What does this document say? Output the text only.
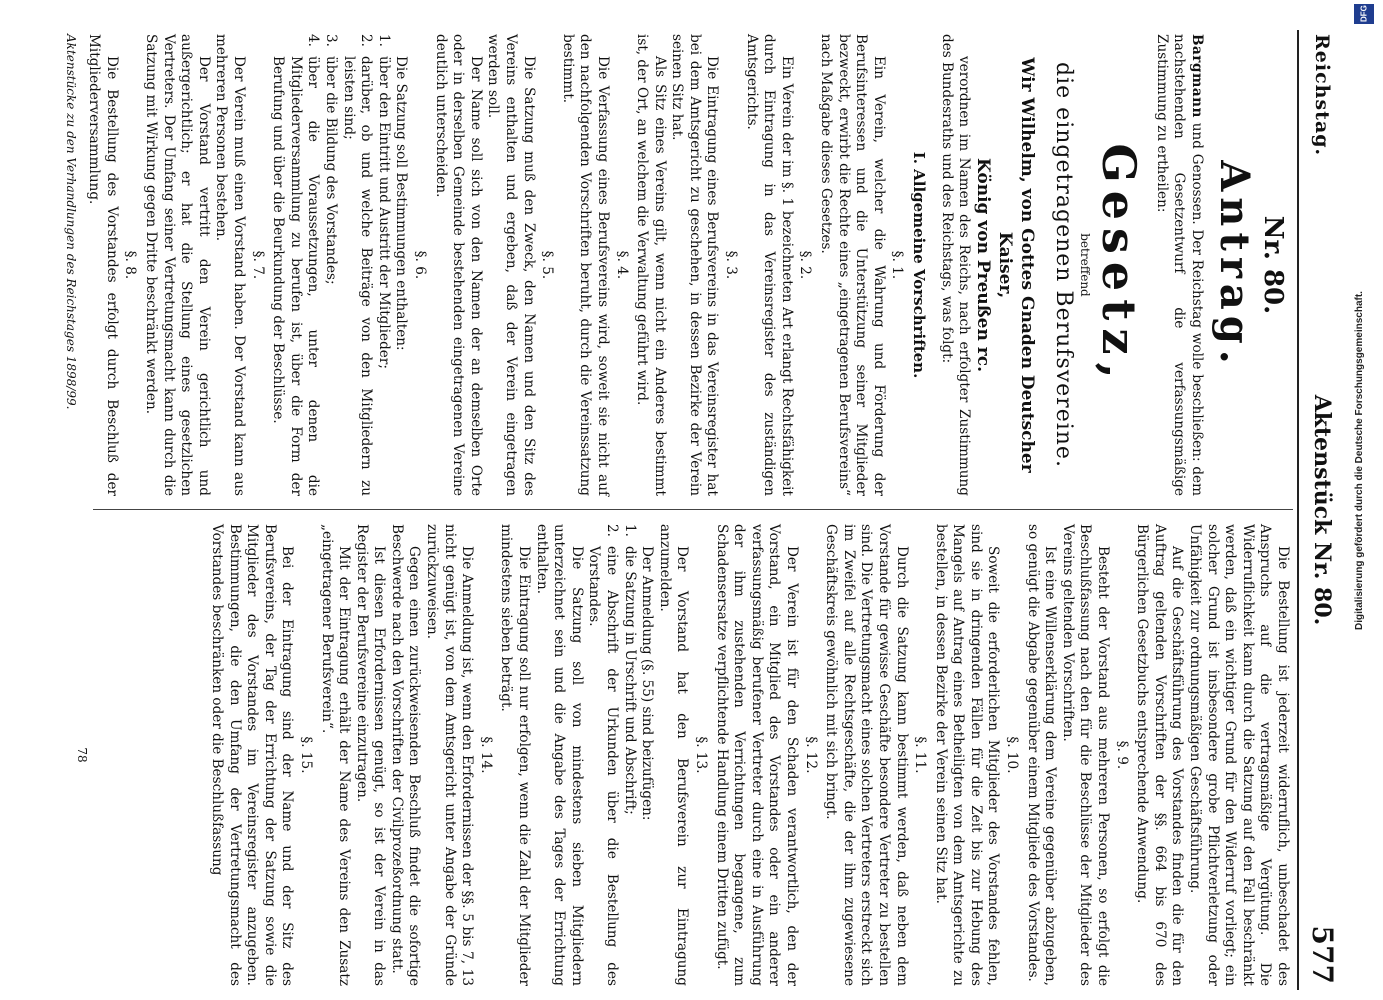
Reichstag.
Aktenstück Nr. 80.
577
Nr. 80.
Antrag.

Bargmann und Genossen. Der Reichstag wolle beschließen: dem nachstehenden Gesetzentwurf die verfassungsmäßige Zustimmung zu ertheilen:

Gesetz,
betreffend
die eingetragenen Berufsvereine.
Wir Wilhelm, von Gottes Gnaden Deutscher Kaiser,
König von Preußen rc.

verordnen im Namen des Reichs, nach erfolgter Zustimmung des Bundesraths und des Reichstags, was folgt:

I. Allgemeine Vorschriften.
§. 1.

Ein Verein, welcher die Wahrung und Förderung der Berufsinteressen und die Unterstützung seiner Mitglieder bezweckt, erwirbt die Rechte eines „eingetragenen Berufsvereins“ nach Maßgabe dieses Gesetzes.

§. 2.

Ein Verein der im §. 1 bezeichneten Art erlangt Rechtsfähigkeit durch Eintragung in das Vereinsregister des zuständigen Amtsgerichts.

§. 3.

Die Eintragung eines Berufsvereins in das Vereinsregister hat bei dem Amtsgericht zu geschehen, in dessen Bezirke der Verein seinen Sitz hat.

Als Sitz eines Vereins gilt, wenn nicht ein Anderes bestimmt ist, der Ort, an welchem die Verwaltung geführt wird.

§. 4.

Die Verfassung eines Berufsvereins wird, soweit sie nicht auf den nachfolgenden Vorschriften beruht, durch die Vereinssatzung bestimmt.

§. 5.

Die Satzung muß den Zweck, den Namen und den Sitz des Vereins enthalten und ergeben, daß der Verein eingetragen werden soll.

Der Name soll sich von den Namen der an demselben Orte oder in derselben Gemeinde bestehenden eingetragenen Vereine deutlich unterscheiden.

§. 6.

Die Satzung soll Bestimmungen enthalten:

1.
über den Eintritt und Austritt der Mitglieder;

2.
darüber, ob und welche Beiträge von den Mitgliedern zu leisten sind;

3.
über die Bildung des Vorstandes;

4.
über die Voraussetzungen, unter denen die Mitgliederversammlung zu berufen ist, über die Form der Berufung und über die Beurkundung der Beschlüsse.

§. 7.

Der Verein muß einen Vorstand haben. Der Vorstand kann aus mehreren Personen bestehen.

Der Vorstand vertritt den Verein gerichtlich und außergerichtlich; er hat die Stellung eines gesetzlichen Vertreters. Der Umfang seiner Vertretungsmacht kann durch die Satzung mit Wirkung gegen Dritte beschränkt werden.

§. 8.

Die Bestellung des Vorstandes erfolgt durch Beschluß der Mitgliederversammlung.

Aktenstücke zu den Verhandlungen des Reichstages 1898/99.

Die Bestellung ist jederzeit widerruflich, unbeschadet des Anspruchs auf die vertragsmäßige Vergütung. Die Widerruflichkeit kann durch die Satzung auf den Fall beschränkt werden, daß ein wichtiger Grund für den Widerruf vorliegt; ein solcher Grund ist insbesondere grobe Pflichtverletzung oder Unfähigkeit zur ordnungsmäßigen Geschäftsführung.

Auf die Geschäftsführung des Vorstandes finden die für den Auftrag geltenden Vorschriften der §§. 664 bis 670 des Bürgerlichen Gesetzbuchs entsprechende Anwendung.

§. 9.

Besteht der Vorstand aus mehreren Personen, so erfolgt die Beschlußfassung nach den für die Beschlüsse der Mitglieder des Vereins geltenden Vorschriften.

Ist eine Willenserklärung dem Vereine gegenüber abzugeben, so genügt die Abgabe gegenüber einem Mitgliede des Vorstandes.

§. 10.

Soweit die erforderlichen Mitglieder des Vorstandes fehlen, sind sie in dringenden Fällen für die Zeit bis zur Hebung des Mangels auf Antrag eines Betheiligten von dem Amtsgerichte zu bestellen, in dessen Bezirke der Verein seinen Sitz hat.

§. 11.

Durch die Satzung kann bestimmt werden, daß neben dem Vorstande für gewisse Geschäfte besondere Vertreter zu bestellen sind. Die Vertretungsmacht eines solchen Vertreters erstreckt sich im Zweifel auf alle Rechtsgeschäfte, die der ihm zugewiesene Geschäftskreis gewöhnlich mit sich bringt.

§. 12.

Der Verein ist für den Schaden verantwortlich, den der Vorstand, ein Mitglied des Vorstandes oder ein anderer verfassungsmäßig berufener Vertreter durch eine in Ausführung der ihm zustehenden Verrichtungen begangene, zum Schadensersatze verpflichtende Handlung einem Dritten zufügt.

§. 13.

Der Vorstand hat den Berufsverein zur Eintragung anzumelden.

Der Anmeldung (§. 55) sind beizufügen:

1.
die Satzung in Urschrift und Abschrift;

2.
eine Abschrift der Urkunden über die Bestellung des Vorstandes.

Die Satzung soll von mindestens sieben Mitgliedern unterzeichnet sein und die Angabe des Tages der Errichtung enthalten.

Die Eintragung soll nur erfolgen, wenn die Zahl der Mitglieder mindestens sieben beträgt.

§. 14.

Die Anmeldung ist, wenn den Erfordernissen der §§. 5 bis 7, 13 nicht genügt ist, von dem Amtsgericht unter Angabe der Gründe zurückzuweisen.

Gegen einen zurückweisenden Beschluß findet die sofortige Beschwerde nach den Vorschriften der Civilprozeßordnung statt.

Ist diesen Erfordernissen genügt, so ist der Verein in das Register der Berufsvereine einzutragen.

Mit der Eintragung erhält der Name des Vereins den Zusatz „eingetragener Berufsverein“.

§. 15.

Bei der Eintragung sind der Name und der Sitz des Berufsvereins, der Tag der Errichtung der Satzung sowie die Mitglieder des Vorstandes im Vereinsregister anzugeben. Bestimmungen, die den Umfang der Vertretungsmacht des Vorstandes beschränken oder die Beschlußfassung

78
DFG
Digitalisierung gefördert durch die Deutsche Forschungsgemeinschaft.
